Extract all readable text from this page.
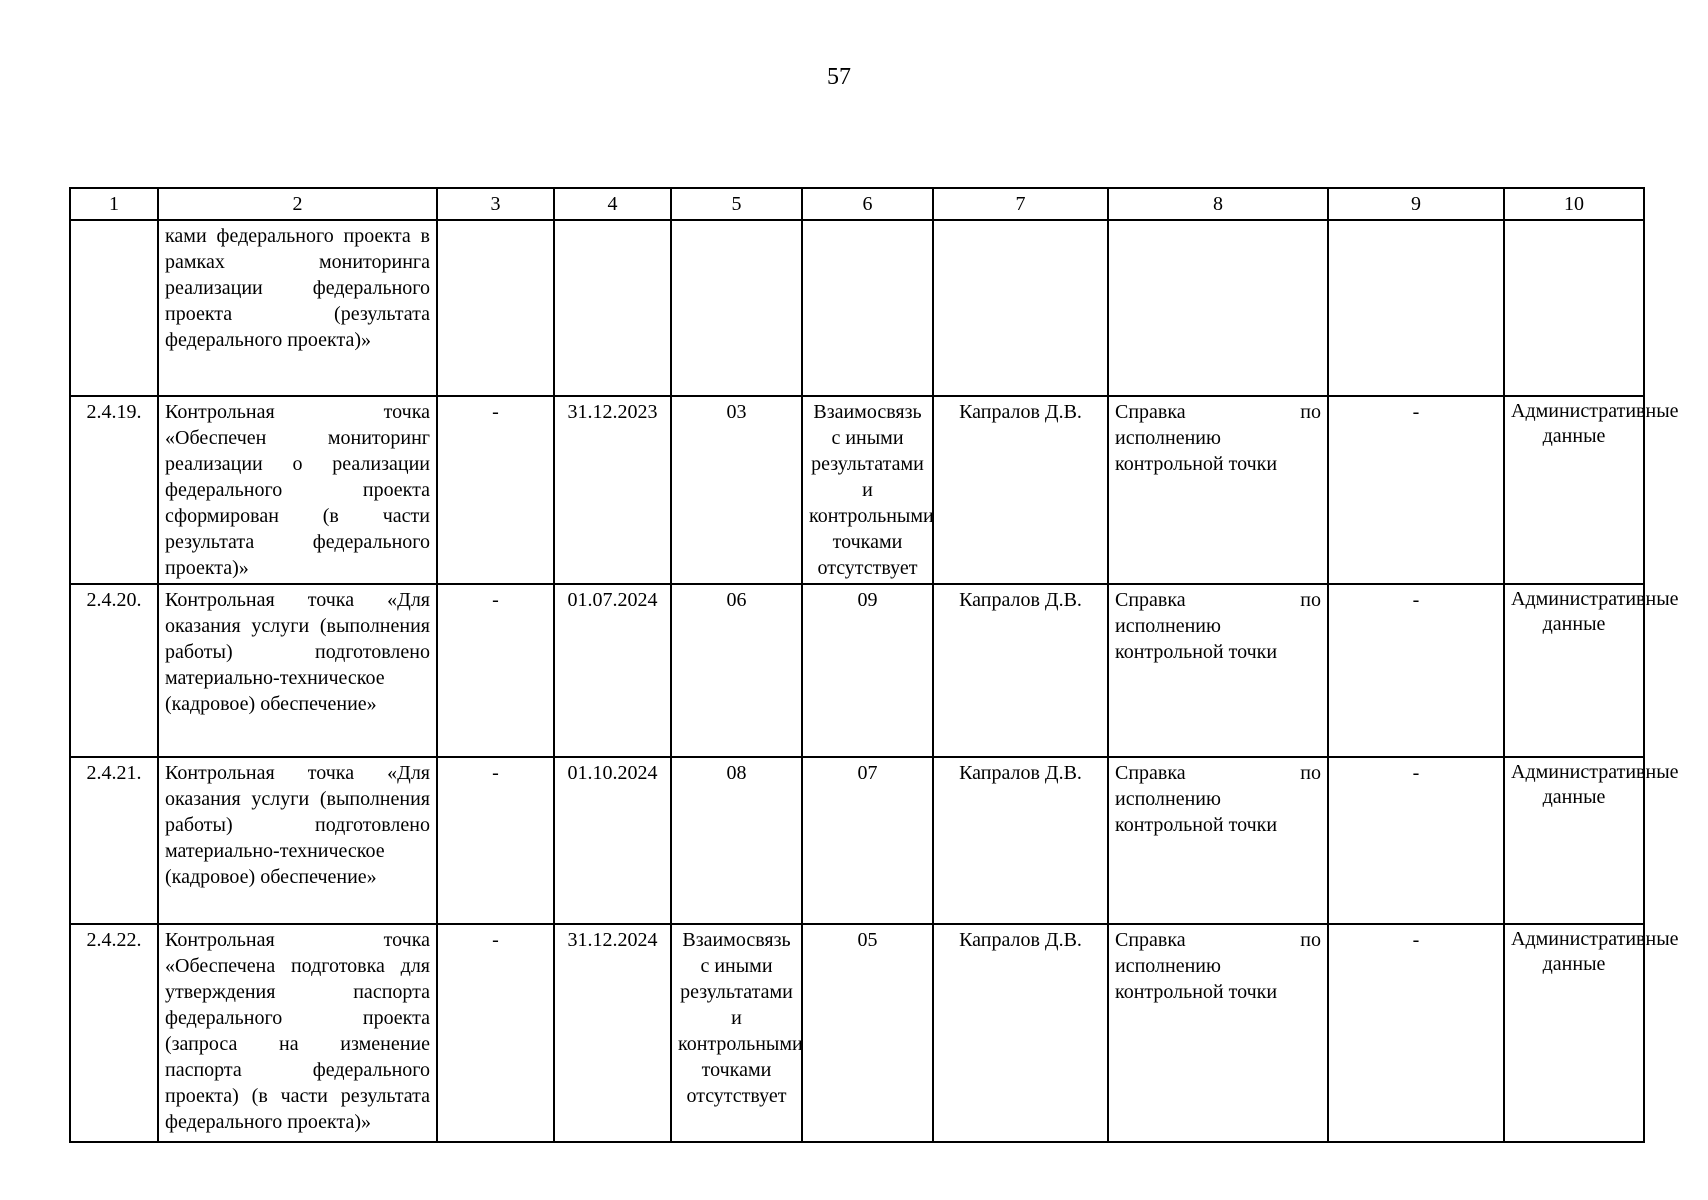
57
1	2	3	4	5	6	7	8	9	10
	ками федерального проекта в рамках мониторинга реализации федерального проекта (результата федерального проекта)»								
2.4.19.	Контрольная точка «Обеспечен мониторинг реализации о реализации федерального проекта сформирован (в части результата федерального проекта)»	-	31.12.2023	03	Взаимосвязь с иными результатами и контрольными точками отсутствует	Капралов Д.В.	Справка по исполнению контрольной точки	-	Административные данные
2.4.20.	Контрольная точка «Для оказания услуги (выполнения работы) подготовлено материально-техническое (кадровое) обеспечение»	-	01.07.2024	06	09	Капралов Д.В.	Справка по исполнению контрольной точки	-	Административные данные
2.4.21.	Контрольная точка «Для оказания услуги (выполнения работы) подготовлено материально-техническое (кадровое) обеспечение»	-	01.10.2024	08	07	Капралов Д.В.	Справка по исполнению контрольной точки	-	Административные данные
2.4.22.	Контрольная точка «Обеспечена подготовка для утверждения паспорта федерального проекта (запроса на изменение паспорта федерального проекта) (в части результата федерального проекта)»	-	31.12.2024	Взаимосвязь с иными результатами и контрольными точками отсутствует	05	Капралов Д.В.	Справка по исполнению контрольной точки	-	Административные данные
